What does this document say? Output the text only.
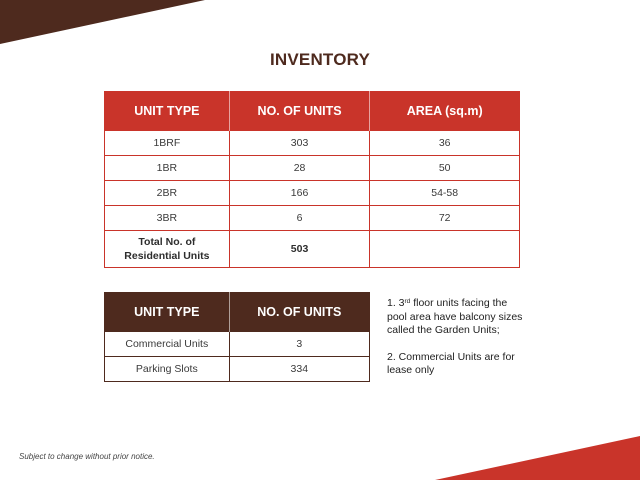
INVENTORY
UNIT TYPE	NO. OF UNITS	AREA (sq.m)
1BRF	303	36
1BR	28	50
2BR	166	54-58
3BR	6	72
Total No. of
Residential Units	503	
UNIT TYPE	NO. OF UNITS
Commercial Units	3
Parking Slots	334

1. 3rd floor units facing the pool area have balcony sizes called the Garden Units;

2. Commercial Units are for lease only

Subject to change without prior notice.
